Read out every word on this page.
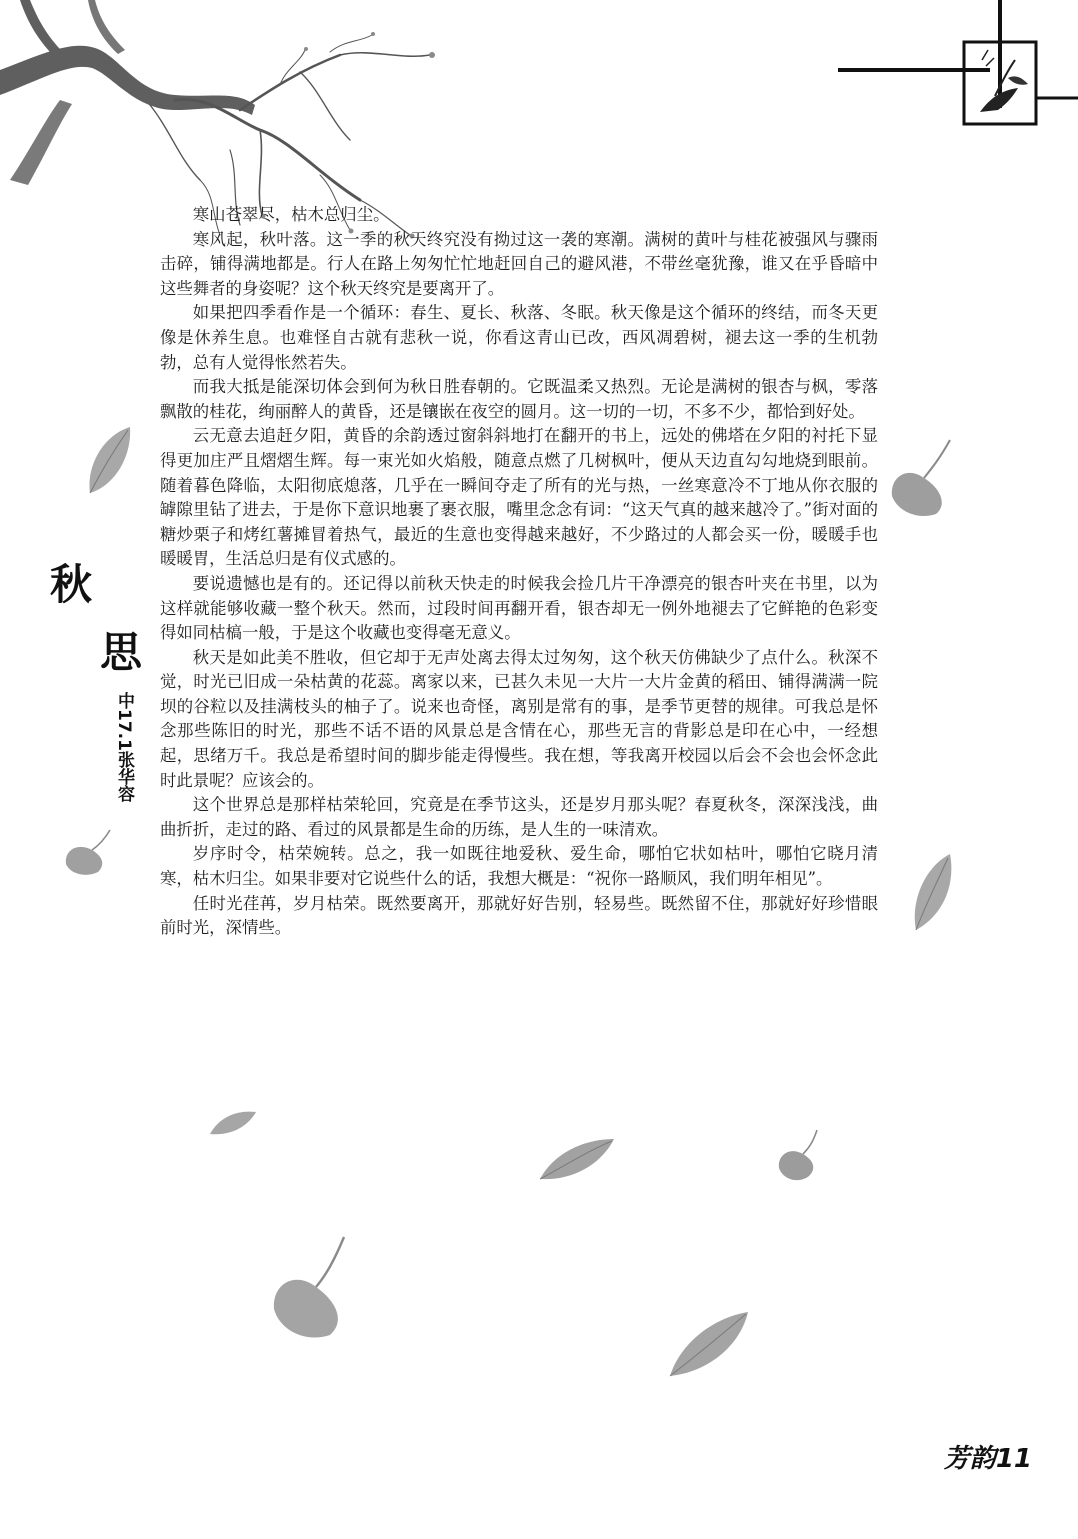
秋
思
中17.1张华容

寒山苍翠尽，枯木总归尘。

寒风起，秋叶落。这一季的秋天终究没有拗过这一袭的寒潮。满树的黄叶与桂花被强风与骤雨击碎，铺得满地都是。行人在路上匆匆忙忙地赶回自己的避风港，不带丝毫犹豫，谁又在乎昏暗中这些舞者的身姿呢？这个秋天终究是要离开了。

如果把四季看作是一个循环：春生、夏长、秋落、冬眠。秋天像是这个循环的终结，而冬天更像是休养生息。也难怪自古就有悲秋一说，你看这青山已改，西风凋碧树，褪去这一季的生机勃勃，总有人觉得怅然若失。

而我大抵是能深切体会到何为秋日胜春朝的。它既温柔又热烈。无论是满树的银杏与枫，零落飘散的桂花，绚丽醉人的黄昏，还是镶嵌在夜空的圆月。这一切的一切，不多不少，都恰到好处。

云无意去追赶夕阳，黄昏的余韵透过窗斜斜地打在翻开的书上，远处的佛塔在夕阳的衬托下显得更加庄严且熠熠生辉。每一束光如火焰般，随意点燃了几树枫叶，便从天边直勾勾地烧到眼前。随着暮色降临，太阳彻底熄落，几乎在一瞬间夺走了所有的光与热，一丝寒意冷不丁地从你衣服的罅隙里钻了进去，于是你下意识地裹了裹衣服，嘴里念念有词：“这天气真的越来越冷了。”街对面的糖炒栗子和烤红薯摊冒着热气，最近的生意也变得越来越好，不少路过的人都会买一份，暖暖手也暖暖胃，生活总归是有仪式感的。

要说遗憾也是有的。还记得以前秋天快走的时候我会捡几片干净漂亮的银杏叶夹在书里，以为这样就能够收藏一整个秋天。然而，过段时间再翻开看，银杏却无一例外地褪去了它鲜艳的色彩变得如同枯槁一般，于是这个收藏也变得毫无意义。

秋天是如此美不胜收，但它却于无声处离去得太过匆匆，这个秋天仿佛缺少了点什么。秋深不觉，时光已旧成一朵枯黄的花蕊。离家以来，已甚久未见一大片一大片金黄的稻田、铺得满满一院坝的谷粒以及挂满枝头的柚子了。说来也奇怪，离别是常有的事，是季节更替的规律。可我总是怀念那些陈旧的时光，那些不话不语的风景总是含情在心，那些无言的背影总是印在心中，一经想起，思绪万千。我总是希望时间的脚步能走得慢些。我在想，等我离开校园以后会不会也会怀念此时此景呢？应该会的。

这个世界总是那样枯荣轮回，究竟是在季节这头，还是岁月那头呢？春夏秋冬，深深浅浅，曲曲折折，走过的路、看过的风景都是生命的历练，是人生的一味清欢。

岁序时令，枯荣婉转。总之，我一如既往地爱秋、爱生命，哪怕它状如枯叶，哪怕它晓月清寒，枯木归尘。如果非要对它说些什么的话，我想大概是：“祝你一路顺风，我们明年相见”。

任时光荏苒，岁月枯荣。既然要离开，那就好好告别，轻易些。既然留不住，那就好好珍惜眼前时光，深情些。

芳韵11
